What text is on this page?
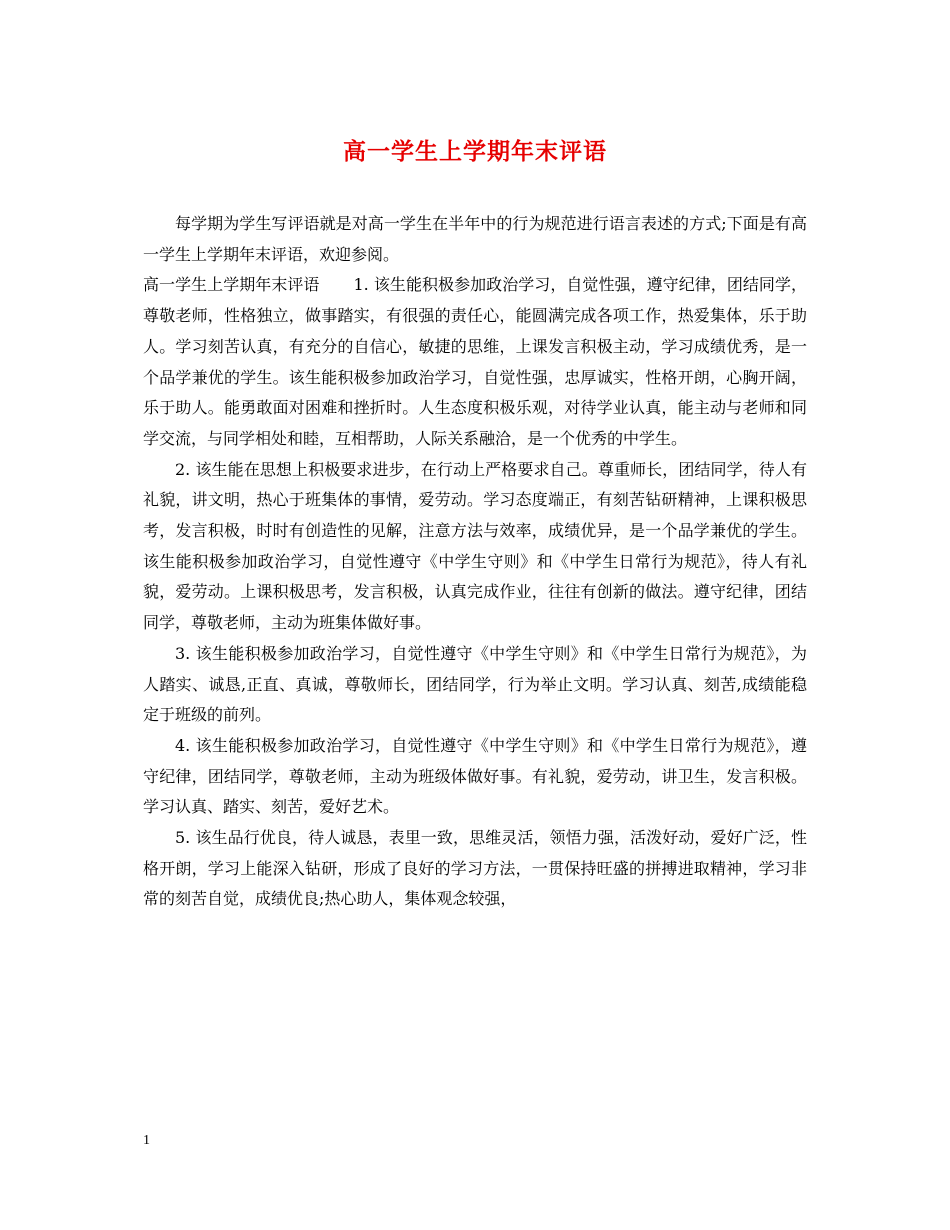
高一学生上学期年末评语

每学期为学生写评语就是对高一学生在半年中的行为规范进行语言表述的方式;下面是有高一学生上学期年末评语，欢迎参阅。

高一学生上学期年末评语 1. 该生能积极参加政治学习，自觉性强，遵守纪律，团结同学，尊敬老师，性格独立，做事踏实，有很强的责任心，能圆满完成各项工作，热爱集体，乐于助人。学习刻苦认真，有充分的自信心，敏捷的思维，上课发言积极主动，学习成绩优秀，是一个品学兼优的学生。该生能积极参加政治学习，自觉性强，忠厚诚实，性格开朗，心胸开阔，乐于助人。能勇敢面对困难和挫折时。人生态度积极乐观，对待学业认真，能主动与老师和同学交流，与同学相处和睦，互相帮助，人际关系融洽，是一个优秀的中学生。

2. 该生能在思想上积极要求进步，在行动上严格要求自己。尊重师长，团结同学，待人有礼貌，讲文明，热心于班集体的事情，爱劳动。学习态度端正，有刻苦钻研精神，上课积极思考，发言积极，时时有创造性的见解，注意方法与效率，成绩优异，是一个品学兼优的学生。该生能积极参加政治学习，自觉性遵守《中学生守则》和《中学生日常行为规范》，待人有礼貌，爱劳动。上课积极思考，发言积极，认真完成作业，往往有创新的做法。遵守纪律，团结同学，尊敬老师，主动为班集体做好事。

3. 该生能积极参加政治学习，自觉性遵守《中学生守则》和《中学生日常行为规范》，为人踏实、诚恳,正直、真诚，尊敬师长，团结同学，行为举止文明。学习认真、刻苦,成绩能稳定于班级的前列。

4. 该生能积极参加政治学习，自觉性遵守《中学生守则》和《中学生日常行为规范》，遵守纪律，团结同学，尊敬老师，主动为班级体做好事。有礼貌，爱劳动，讲卫生，发言积极。学习认真、踏实、刻苦，爱好艺术。

5. 该生品行优良，待人诚恳，表里一致，思维灵活，领悟力强，活泼好动，爱好广泛，性格开朗，学习上能深入钻研，形成了良好的学习方法，一贯保持旺盛的拼搏进取精神，学习非常的刻苦自觉，成绩优良;热心助人，集体观念较强，

1
